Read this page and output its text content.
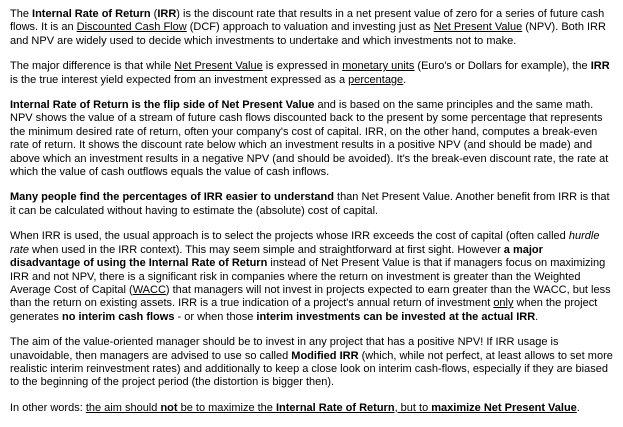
The Internal Rate of Return (IRR) is the discount rate that results in a net present value of zero for a series of future cash flows. It is an Discounted Cash Flow (DCF) approach to valuation and investing just as Net Present Value (NPV). Both IRR and NPV are widely used to decide which investments to undertake and which investments not to make.

The major difference is that while Net Present Value is expressed in monetary units (Euro's or Dollars for example), the IRR is the true interest yield expected from an investment expressed as a percentage.

Internal Rate of Return is the flip side of Net Present Value and is based on the same principles and the same math. NPV shows the value of a stream of future cash flows discounted back to the present by some percentage that represents the minimum desired rate of return, often your company's cost of capital. IRR, on the other hand, computes a break-even rate of return. It shows the discount rate below which an investment results in a positive NPV (and should be made) and above which an investment results in a negative NPV (and should be avoided). It's the break-even discount rate, the rate at which the value of cash outflows equals the value of cash inflows.

Many people find the percentages of IRR easier to understand than Net Present Value. Another benefit from IRR is that it can be calculated without having to estimate the (absolute) cost of capital.

When IRR is used, the usual approach is to select the projects whose IRR exceeds the cost of capital (often called hurdle rate when used in the IRR context). This may seem simple and straightforward at first sight. However a major disadvantage of using the Internal Rate of Return instead of Net Present Value is that if managers focus on maximizing IRR and not NPV, there is a significant risk in companies where the return on investment is greater than the Weighted Average Cost of Capital (WACC) that managers will not invest in projects expected to earn greater than the WACC, but less than the return on existing assets. IRR is a true indication of a project's annual return of investment only when the project generates no interim cash flows - or when those interim investments can be invested at the actual IRR.

The aim of the value-oriented manager should be to invest in any project that has a positive NPV! If IRR usage is unavoidable, then managers are advised to use so called Modified IRR (which, while not perfect, at least allows to set more realistic interim reinvestment rates) and additionally to keep a close look on interim cash-flows, especially if they are biased to the beginning of the project period (the distortion is bigger then).

In other words: the aim should not be to maximize the Internal Rate of Return, but to maximize Net Present Value.
